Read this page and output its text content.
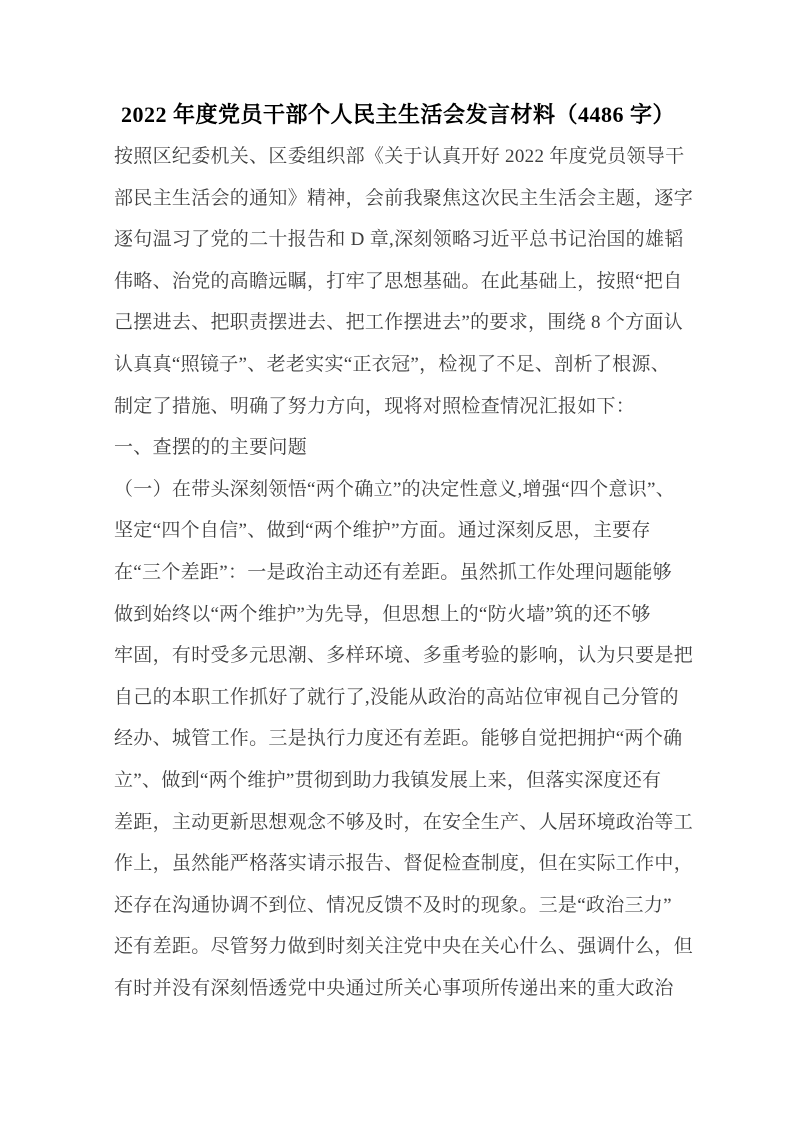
2022 年度党员干部个人民主生活会发言材料（4486 字）
按照区纪委机关、区委组织部《关于认真开好 2022 年度党员领导干
部民主生活会的通知》精神，会前我聚焦这次民主生活会主题，逐字
逐句温习了党的二十报告和 D 章,深刻领略习近平总书记治国的雄韬
伟略、治党的高瞻远瞩，打牢了思想基础。在此基础上，按照“把自
己摆进去、把职责摆进去、把工作摆进去”的要求，围绕 8 个方面认
认真真“照镜子”、老老实实“正衣冠”，检视了不足、剖析了根源、
制定了措施、明确了努力方向，现将对照检查情况汇报如下：
一、查摆的的主要问题
（一）在带头深刻领悟“两个确立”的决定性意义,增强“四个意识”、
坚定“四个自信”、做到“两个维护”方面。通过深刻反思，主要存
在“三个差距”：一是政治主动还有差距。虽然抓工作处理问题能够
做到始终以“两个维护”为先导，但思想上的“防火墙”筑的还不够
牢固，有时受多元思潮、多样环境、多重考验的影响，认为只要是把
自己的本职工作抓好了就行了,没能从政治的高站位审视自己分管的
经办、城管工作。三是执行力度还有差距。能够自觉把拥护“两个确
立”、做到“两个维护”贯彻到助力我镇发展上来，但落实深度还有
差距，主动更新思想观念不够及时，在安全生产、人居环境政治等工
作上，虽然能严格落实请示报告、督促检查制度，但在实际工作中，
还存在沟通协调不到位、情况反馈不及时的现象。三是“政治三力”
还有差距。尽管努力做到时刻关注党中央在关心什么、强调什么，但
有时并没有深刻悟透党中央通过所关心事项所传递出来的重大政治
